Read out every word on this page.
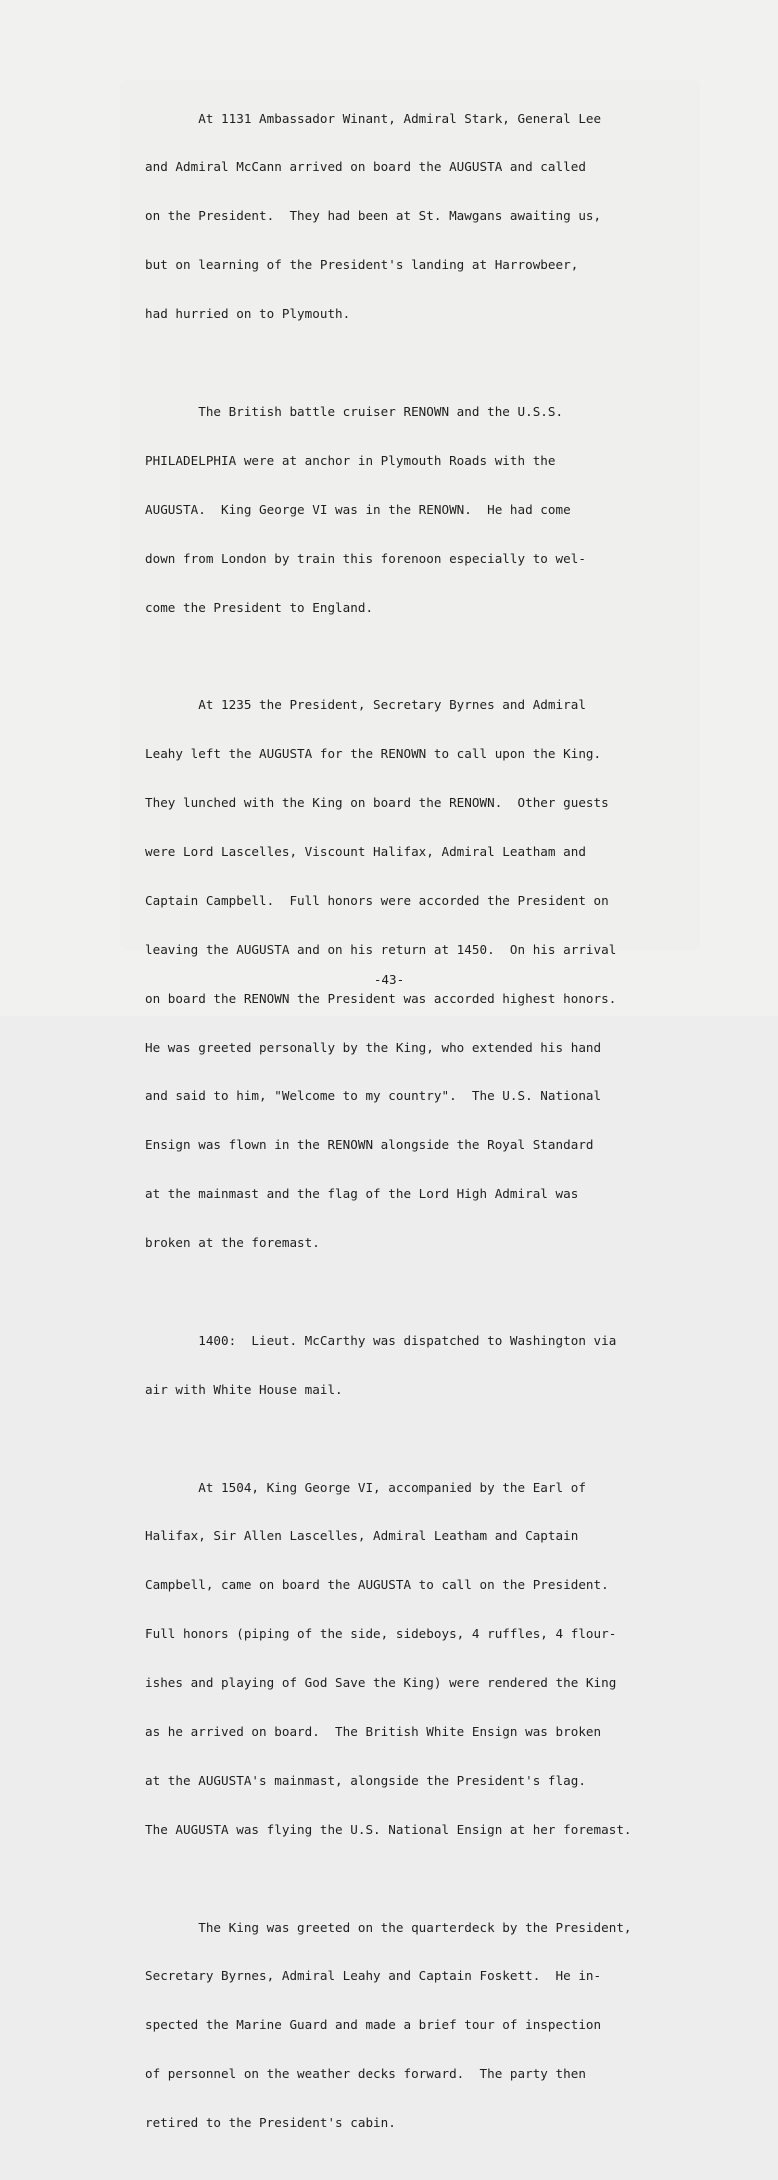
At 1131 Ambassador Winant, Admiral Stark, General Lee

and Admiral McCann arrived on board the AUGUSTA and called

on the President.  They had been at St. Mawgans awaiting us,

but on learning of the President's landing at Harrowbeer,

had hurried on to Plymouth.

The British battle cruiser RENOWN and the U.S.S.

PHILADELPHIA were at anchor in Plymouth Roads with the

AUGUSTA.  King George VI was in the RENOWN.  He had come

down from London by train this forenoon especially to wel-

come the President to England.

At 1235 the President, Secretary Byrnes and Admiral

Leahy left the AUGUSTA for the RENOWN to call upon the King.

They lunched with the King on board the RENOWN.  Other guests

were Lord Lascelles, Viscount Halifax, Admiral Leatham and

Captain Campbell.  Full honors were accorded the President on

leaving the AUGUSTA and on his return at 1450.  On his arrival

on board the RENOWN the President was accorded highest honors.

He was greeted personally by the King, who extended his hand

and said to him, "Welcome to my country".  The U.S. National

Ensign was flown in the RENOWN alongside the Royal Standard

at the mainmast and the flag of the Lord High Admiral was

broken at the foremast.

1400:  Lieut. McCarthy was dispatched to Washington via

air with White House mail.

At 1504, King George VI, accompanied by the Earl of

Halifax, Sir Allen Lascelles, Admiral Leatham and Captain

Campbell, came on board the AUGUSTA to call on the President.

Full honors (piping of the side, sideboys, 4 ruffles, 4 flour-

ishes and playing of God Save the King) were rendered the King

as he arrived on board.  The British White Ensign was broken

at the AUGUSTA's mainmast, alongside the President's flag.

The AUGUSTA was flying the U.S. National Ensign at her foremast.

The King was greeted on the quarterdeck by the President,

Secretary Byrnes, Admiral Leahy and Captain Foskett.  He in-

spected the Marine Guard and made a brief tour of inspection

of personnel on the weather decks forward.  The party then

retired to the President's cabin.

-43-
